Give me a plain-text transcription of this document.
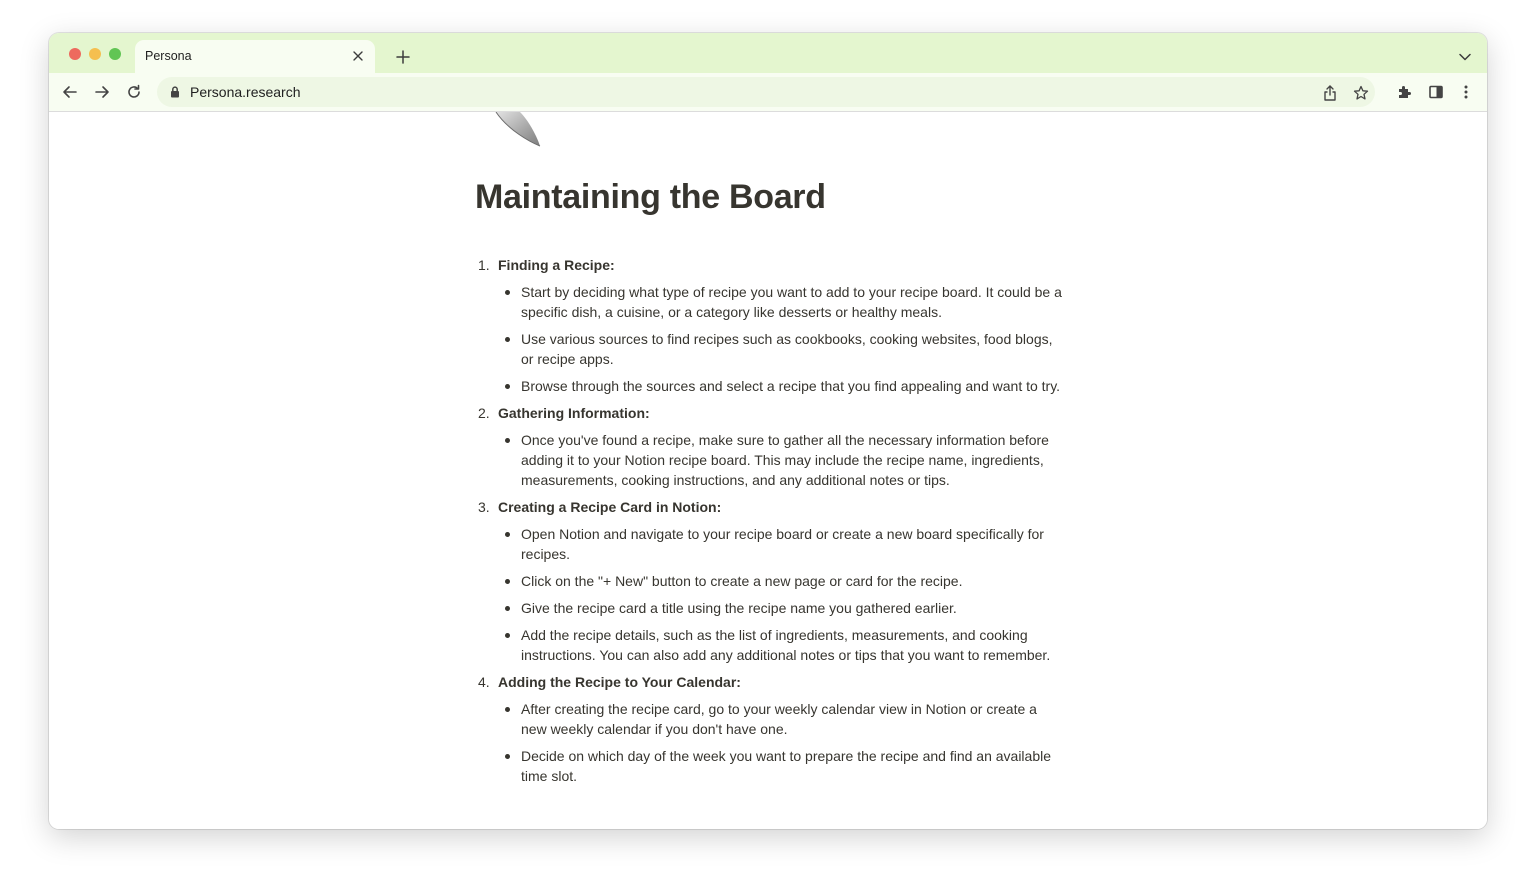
Persona
Persona.research
Maintaining the Board
1. Finding a Recipe:
Start by deciding what type of recipe you want to add to your recipe board. It could be a specific dish, a cuisine, or a category like desserts or healthy meals.
Use various sources to find recipes such as cookbooks, cooking websites, food blogs, or recipe apps.
Browse through the sources and select a recipe that you find appealing and want to try.
2. Gathering Information:
Once you've found a recipe, make sure to gather all the necessary information before adding it to your Notion recipe board. This may include the recipe name, ingredients, measurements, cooking instructions, and any additional notes or tips.
3. Creating a Recipe Card in Notion:
Open Notion and navigate to your recipe board or create a new board specifically for recipes.
Click on the "+ New" button to create a new page or card for the recipe.
Give the recipe card a title using the recipe name you gathered earlier.
Add the recipe details, such as the list of ingredients, measurements, and cooking instructions. You can also add any additional notes or tips that you want to remember.
4. Adding the Recipe to Your Calendar:
After creating the recipe card, go to your weekly calendar view in Notion or create a new weekly calendar if you don't have one.
Decide on which day of the week you want to prepare the recipe and find an available time slot.
